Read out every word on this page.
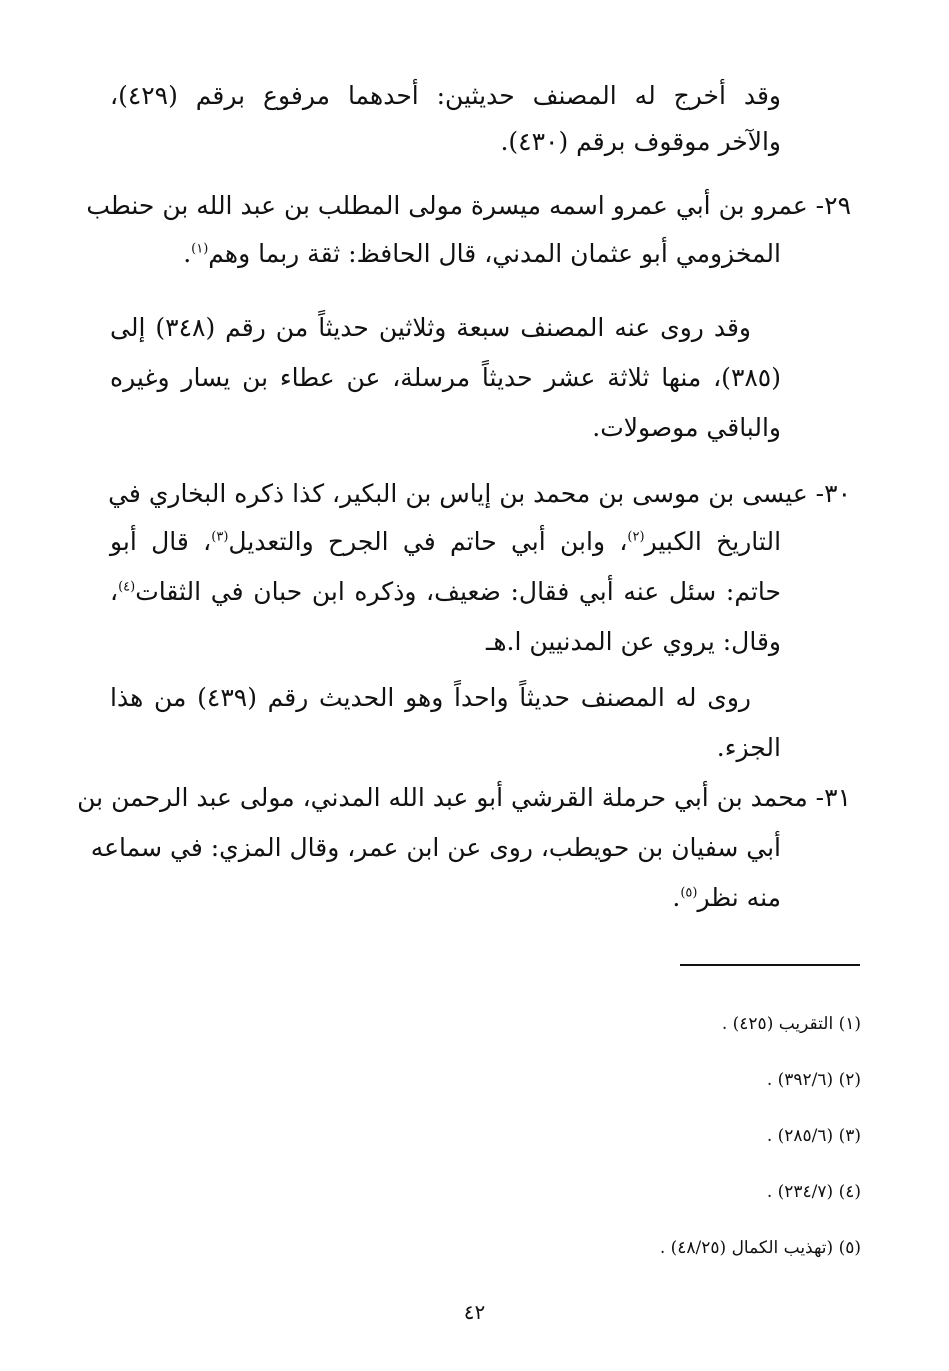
وقد أخرج له المصنف حديثين: أحدهما مرفوع برقم (٤٢٩)،
والآخر موقوف برقم (٤٣٠).
٢٩- عمرو بن أبي عمرو اسمه ميسرة مولى المطلب بن عبد الله بن حنطب
المخزومي أبو عثمان المدني، قال الحافظ: ثقة ربما وهم$^{(١)}$.
وقد روى عنه المصنف سبعة وثلاثين حديثاً من رقم (٣٤٨) إلى
(٣٨٥)، منها ثلاثة عشر حديثاً مرسلة، عن عطاء بن يسار وغيره
والباقي موصولات.
٣٠- عيسى بن موسى بن محمد بن إياس بن البكير، كذا ذكره البخاري في
التاريخ الكبير$^{(٢)}$، وابن أبي حاتم في الجرح والتعديل$^{(٣)}$، قال أبو
حاتم: سئل عنه أبي فقال: ضعيف، وذكره ابن حبان في الثقات$^{(٤)}$،
وقال: يروي عن المدنيين ا.هـ
روى له المصنف حديثاً واحداً وهو الحديث رقم (٤٣٩) من هذا
الجزء.
٣١- محمد بن أبي حرملة القرشي أبو عبد الله المدني، مولى عبد الرحمن بن
أبي سفيان بن حويطب، روى عن ابن عمر، وقال المزي: في سماعه
منه نظر$^{(٥)}$.
(١) التقريب (٤٢٥) .
(٢) (٣٩٢/٦) .
(٣) (٢٨٥/٦) .
(٤) (٢٣٤/٧) .
(٥) (تهذيب الكمال (٤٨/٢٥) .
٤٢
